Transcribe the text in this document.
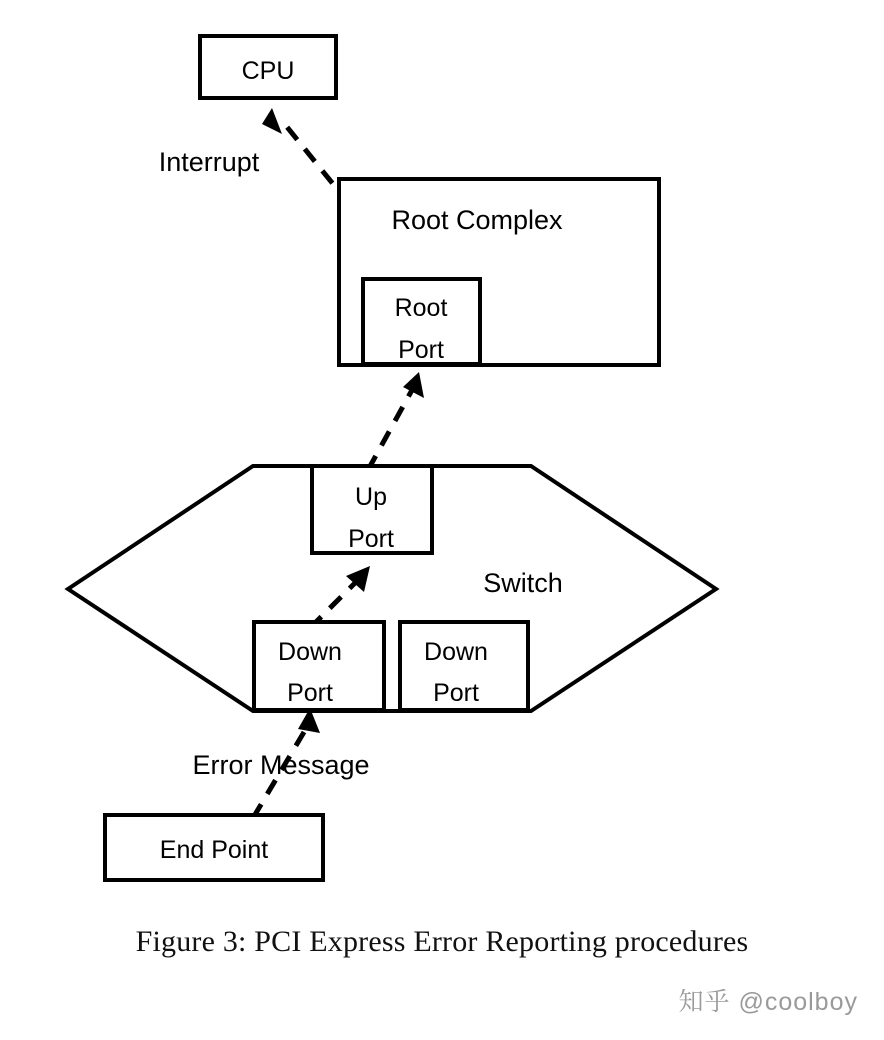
CPU
Root Complex
Root
Port
Switch
Up
Port
Down
Port
Down
Port
End Point
Interrupt
Error Message
Figure 3: PCI Express Error Reporting procedures
知乎 @coolboy
